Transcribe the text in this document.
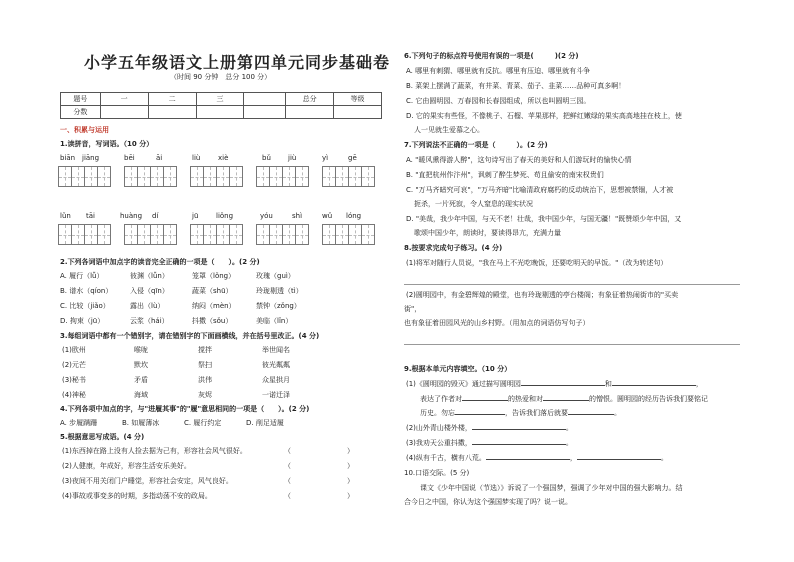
小学五年级语文上册第四单元同步基础卷
（时间 90 分钟　总分 100 分）
题号	一	二	三		总分	等级
分数						
一、积累与运用
1.读拼音，写词语。（10 分）
biān jiāng	bēi	āi	liù	xiè	bǔ jiù	yì	gē
lǔn tāi	huàng dí	jū	liǒng	yóu	shì	wǔ lóng
2.下列各词语中加点字的读音完全正确的一项是（　　）。(2 分)
A. 履行（lǚ）	彼渊（lǚn）	笼罩（lǒng）	玫瑰（guì）
B. 谱水（qíon）	入侵（qīn）	蔬菜（shū）	玲珑剔透（tì）
C. 比较（jiǎo）	露出（lù）	纳闷（mèn）	禁钟（zǒng）
D. 拘束（jū）	云浆（hái）	抖擞（sǒu）	美临（lǐn）
3.每组词语中都有一个错别字，请在错别字的下面画横线，并在括号里改正。(4 分)
(1)欧州	喉咙	搅拌	举世闻名
(2)元芒	默坎	祭扫	彼光粼粼
(3)秘书	矛盾	洪伟	众星拱月
(4)神秘	海域	灰烬	一诺迁泽
4.下列各项中加点的字，与"进履其事"的"履"意思相同的一项是（　　）。(2 分)
A. 步履蹒跚	B. 如履薄冰	C. 履行约定	D. 削足适履
5.根据意思写成语。(4 分)
(1)东西掉在路上没有人捡去据为己有，形容社会风气很好。	（　　　　　　　　）
(2)人健康，年成好，形容生活安乐美好。	（　　　　　　　　）
(3)夜间不用关闭门户睡觉，形容社会安定，风气良好。	（　　　　　　　　）
(4)事故或事变多的时期，多指动荡不安的政局。	（　　　　　　　　）
6.下列句子的标点符号使用有误的一项是(　　　)(2 分)
A. 哪里有刺猬、哪里就有反抗。哪里有压迫、哪里就有斗争
B. 菜架上摆满了蔬菜，有井菜、青菜、茄子、韭菜……品种可真多啊！
C. 它由圆明园、万春园和长春园组成，所以也叫圆明三园。
D. 它的果实有些怪，不像桃子、石榴、苹果那样，把鲜红嫩绿的果实高高地挂在枝上，使
人一见就生爱慕之心。
7.下列说法不正确的一项是（　　　）。(2 分)
A. "暖风熏得游人醉"，这句诗写出了春天的美好和人们游玩时的愉快心情
B. "直把杭州作汴州"，讽刺了醉生梦死、苟且偷安的南宋权贵们
C. "万马齐暗究可哀"，"万马齐暗"比喻清政府腐朽的反动统治下，思想被禁锢，人才被
扼杀，一片死寂，令人窒息的现实状况
D. "美哉，我少年中国，与天不老！壮哉，我中国少年，与国无疆！"既赞颂少年中国，又
歌颂中国少年，朗读时，要读得昂亢，充满力量
8.按要求完成句子练习。(4 分)
(1)将军对随行人员说，"我在马上不光吃晚饭，还要吃明天的早饭。"（改为转述句）
(2)圆明园中，有金碧辉煌的殿堂，也有玲珑剔透的亭台楼阁；有象征着热闹街市的"买卖
街"，
也有象征着田园风光的山乡村野。（用加点的词语仿写句子）
9.根据本单元内容填空。（10 分）
(1)《圆明园的毁灭》通过描写圆明园	和	，
表达了作者对	的热爱和对	的憎恨。圆明园的经历告诉我们要铭记
历史。勿忘	，告诉我们落后就要	。
(2)山外青山楼外楼，	。
(3)我劝天公重抖擞，	。
(4)纵有千古，横有八荒。	，	。
10.口语交际。(5 分)
课文《少年中国说（节选）》诉说了一个强国梦，强调了少年对中国的强大影响力。结
合今日之中国，你认为这个强国梦实现了吗？说一说。
